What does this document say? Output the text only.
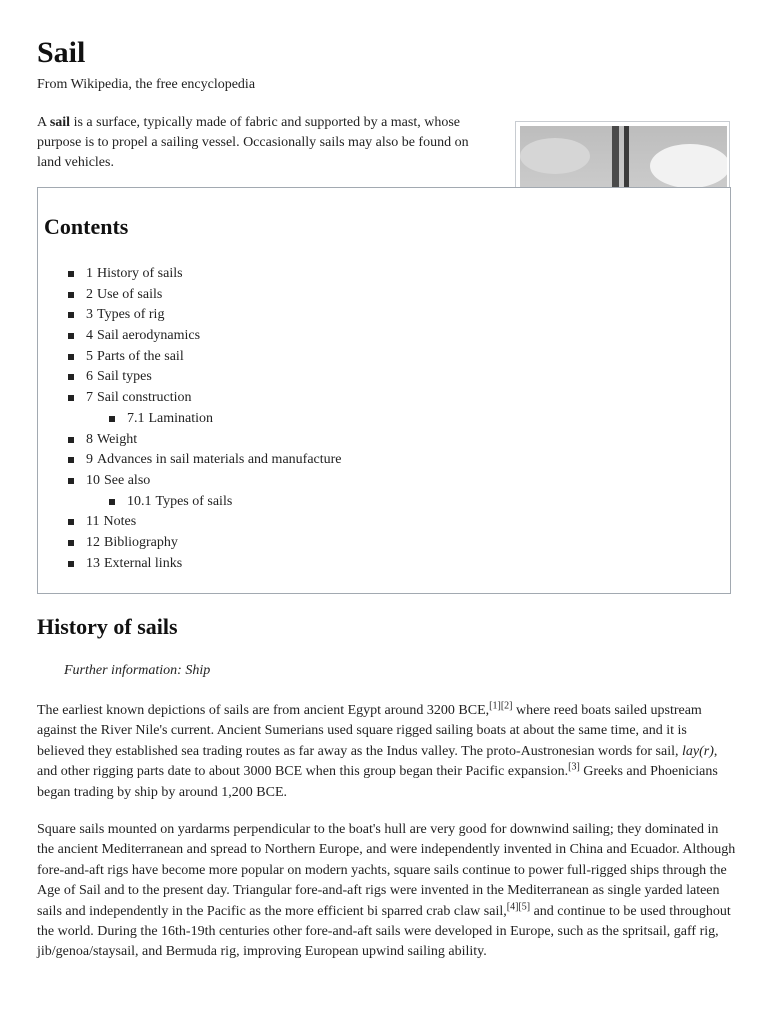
Sail
From Wikipedia, the free encyclopedia

A sail is a surface, typically made of fabric and supported by a mast, whose purpose is to propel a sailing vessel. Occasionally sails may also be found on land vehicles.

Contents
1 History of sails
2 Use of sails
3 Types of rig
4 Sail aerodynamics
5 Parts of the sail
6 Sail types
7 Sail construction
7.1 Lamination
8 Weight
9 Advances in sail materials and manufacture
10 See also
10.1 Types of sails
11 Notes
12 Bibliography
13 External links
History of sails
Further information: Ship

The earliest known depictions of sails are from ancient Egypt around 3200 BCE,[1][2] where reed boats sailed upstream against the River Nile's current. Ancient Sumerians used square rigged sailing boats at about the same time, and it is believed they established sea trading routes as far away as the Indus valley. The proto-Austronesian words for sail, lay(r), and other rigging parts date to about 3000 BCE when this group began their Pacific expansion.[3] Greeks and Phoenicians began trading by ship by around 1,200 BCE.

Square sails mounted on yardarms perpendicular to the boat's hull are very good for downwind sailing; they dominated in the ancient Mediterranean and spread to Northern Europe, and were independently invented in China and Ecuador. Although fore-and-aft rigs have become more popular on modern yachts, square sails continue to power full-rigged ships through the Age of Sail and to the present day. Triangular fore-and-aft rigs were invented in the Mediterranean as single yarded lateen sails and independently in the Pacific as the more efficient bi sparred crab claw sail,[4][5] and continue to be used throughout the world. During the 16th-19th centuries other fore-and-aft sails were developed in Europe, such as the spritsail, gaff rig, jib/genoa/staysail, and Bermuda rig, improving European upwind sailing ability.
